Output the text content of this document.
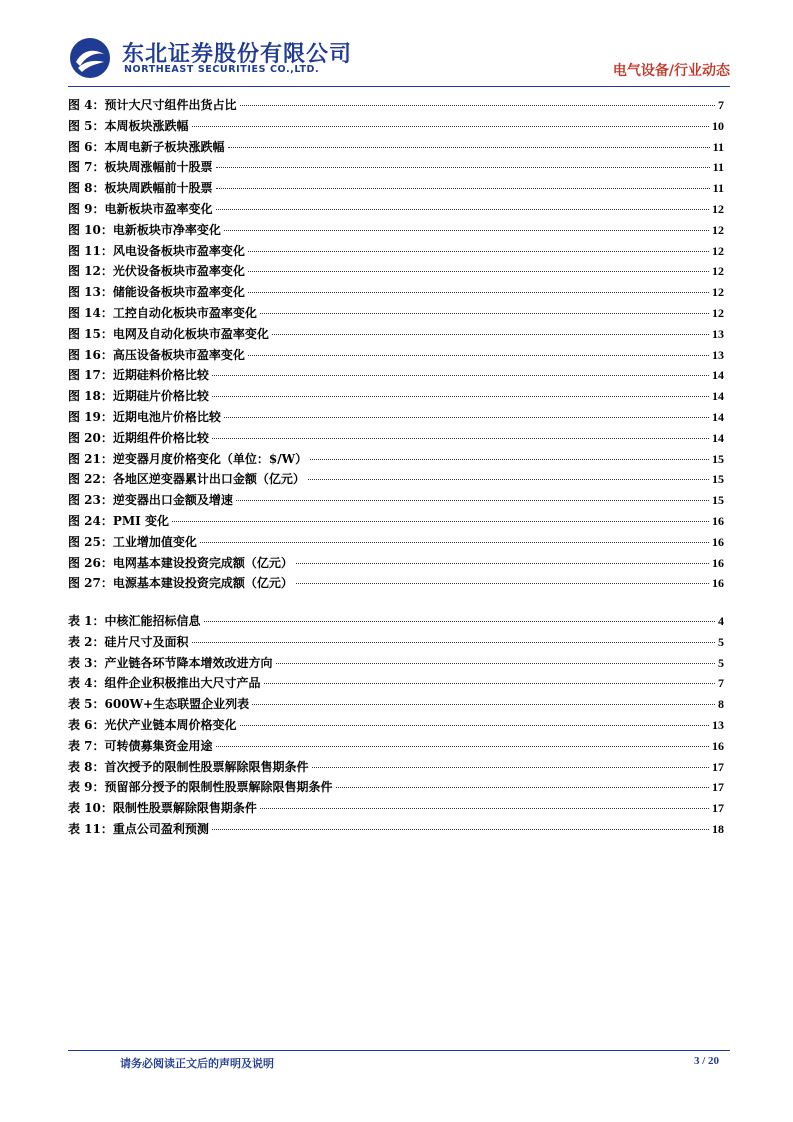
东北证券股份有限公司
NORTHEAST SECURITIES CO.,LTD.	电气设备/行业动态
图 4：预计大尺寸组件出货占比	7
图 5：本周板块涨跌幅	10
图 6：本周电新子板块涨跌幅	11
图 7：板块周涨幅前十股票	11
图 8：板块周跌幅前十股票	11
图 9：电新板块市盈率变化	12
图 10：电新板块市净率变化	12
图 11：风电设备板块市盈率变化	12
图 12：光伏设备板块市盈率变化	12
图 13：储能设备板块市盈率变化	12
图 14：工控自动化板块市盈率变化	12
图 15：电网及自动化板块市盈率变化	13
图 16：高压设备板块市盈率变化	13
图 17：近期硅料价格比较	14
图 18：近期硅片价格比较	14
图 19：近期电池片价格比较	14
图 20：近期组件价格比较	14
图 21：逆变器月度价格变化（单位：$/W）	15
图 22：各地区逆变器累计出口金额（亿元）	15
图 23：逆变器出口金额及增速	15
图 24：PMI 变化	16
图 25：工业增加值变化	16
图 26：电网基本建设投资完成额（亿元）	16
图 27：电源基本建设投资完成额（亿元）	16
表 1：中核汇能招标信息	4
表 2：硅片尺寸及面积	5
表 3：产业链各环节降本增效改进方向	5
表 4：组件企业积极推出大尺寸产品	7
表 5：600W+生态联盟企业列表	8
表 6：光伏产业链本周价格变化	13
表 7：可转债募集资金用途	16
表 8：首次授予的限制性股票解除限售期条件	17
表 9：预留部分授予的限制性股票解除限售期条件	17
表 10：限制性股票解除限售期条件	17
表 11：重点公司盈利预测	18
请务必阅读正文后的声明及说明	3 / 20
